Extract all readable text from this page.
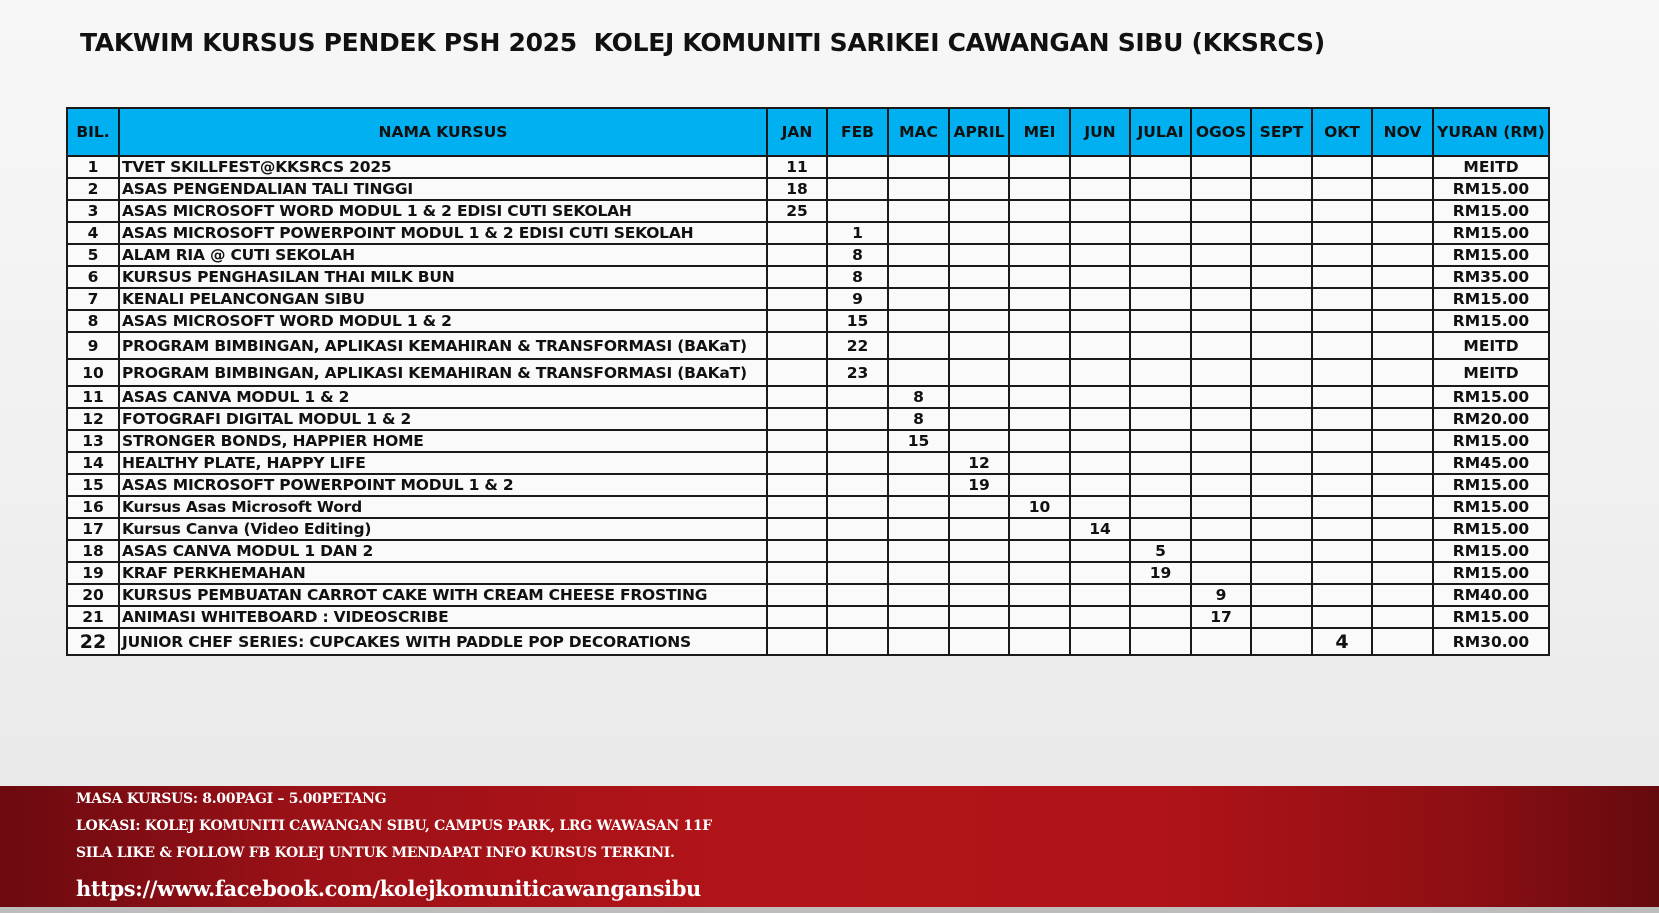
TAKWIM KURSUS PENDEK PSH 2025  KOLEJ KOMUNITI SARIKEI CAWANGAN SIBU (KKSRCS)
BIL.	NAMA KURSUS	JAN	FEB	MAC	APRIL	MEI	JUN	JULAI	OGOS	SEPT	OKT	NOV	YURAN (RM)
1	TVET SKILLFEST@KKSRCS 2025	11											MEITD
2	ASAS PENGENDALIAN TALI TINGGI	18											RM15.00
3	ASAS MICROSOFT WORD MODUL 1 & 2 EDISI CUTI SEKOLAH	25											RM15.00
4	ASAS MICROSOFT POWERPOINT MODUL 1 & 2 EDISI CUTI SEKOLAH		1										RM15.00
5	ALAM RIA @ CUTI SEKOLAH		8										RM15.00
6	KURSUS PENGHASILAN THAI MILK BUN		8										RM35.00
7	KENALI PELANCONGAN SIBU		9										RM15.00
8	ASAS MICROSOFT WORD MODUL 1 & 2		15										RM15.00
9	PROGRAM BIMBINGAN, APLIKASI KEMAHIRAN & TRANSFORMASI (BAKaT)		22										MEITD
10	PROGRAM BIMBINGAN, APLIKASI KEMAHIRAN & TRANSFORMASI (BAKaT)		23										MEITD
11	ASAS CANVA MODUL 1 & 2			8									RM15.00
12	FOTOGRAFI DIGITAL MODUL 1 & 2			8									RM20.00
13	STRONGER BONDS, HAPPIER HOME			15									RM15.00
14	HEALTHY PLATE, HAPPY LIFE				12								RM45.00
15	ASAS MICROSOFT POWERPOINT MODUL 1 & 2				19								RM15.00
16	Kursus Asas Microsoft Word					10							RM15.00
17	Kursus Canva (Video Editing)						14						RM15.00
18	ASAS CANVA MODUL 1 DAN 2							5					RM15.00
19	KRAF PERKHEMAHAN							19					RM15.00
20	KURSUS PEMBUATAN CARROT CAKE WITH CREAM CHEESE FROSTING								9				RM40.00
21	ANIMASI WHITEBOARD : VIDEOSCRIBE								17				RM15.00
22	JUNIOR CHEF SERIES: CUPCAKES WITH PADDLE POP DECORATIONS										4		RM30.00
MASA KURSUS: 8.00PAGI – 5.00PETANG
LOKASI: KOLEJ KOMUNITI CAWANGAN SIBU, CAMPUS PARK, LRG WAWASAN 11F
SILA LIKE & FOLLOW FB KOLEJ UNTUK MENDAPAT INFO KURSUS TERKINI.
https://www.facebook.com/kolejkomuniticawangansibu
